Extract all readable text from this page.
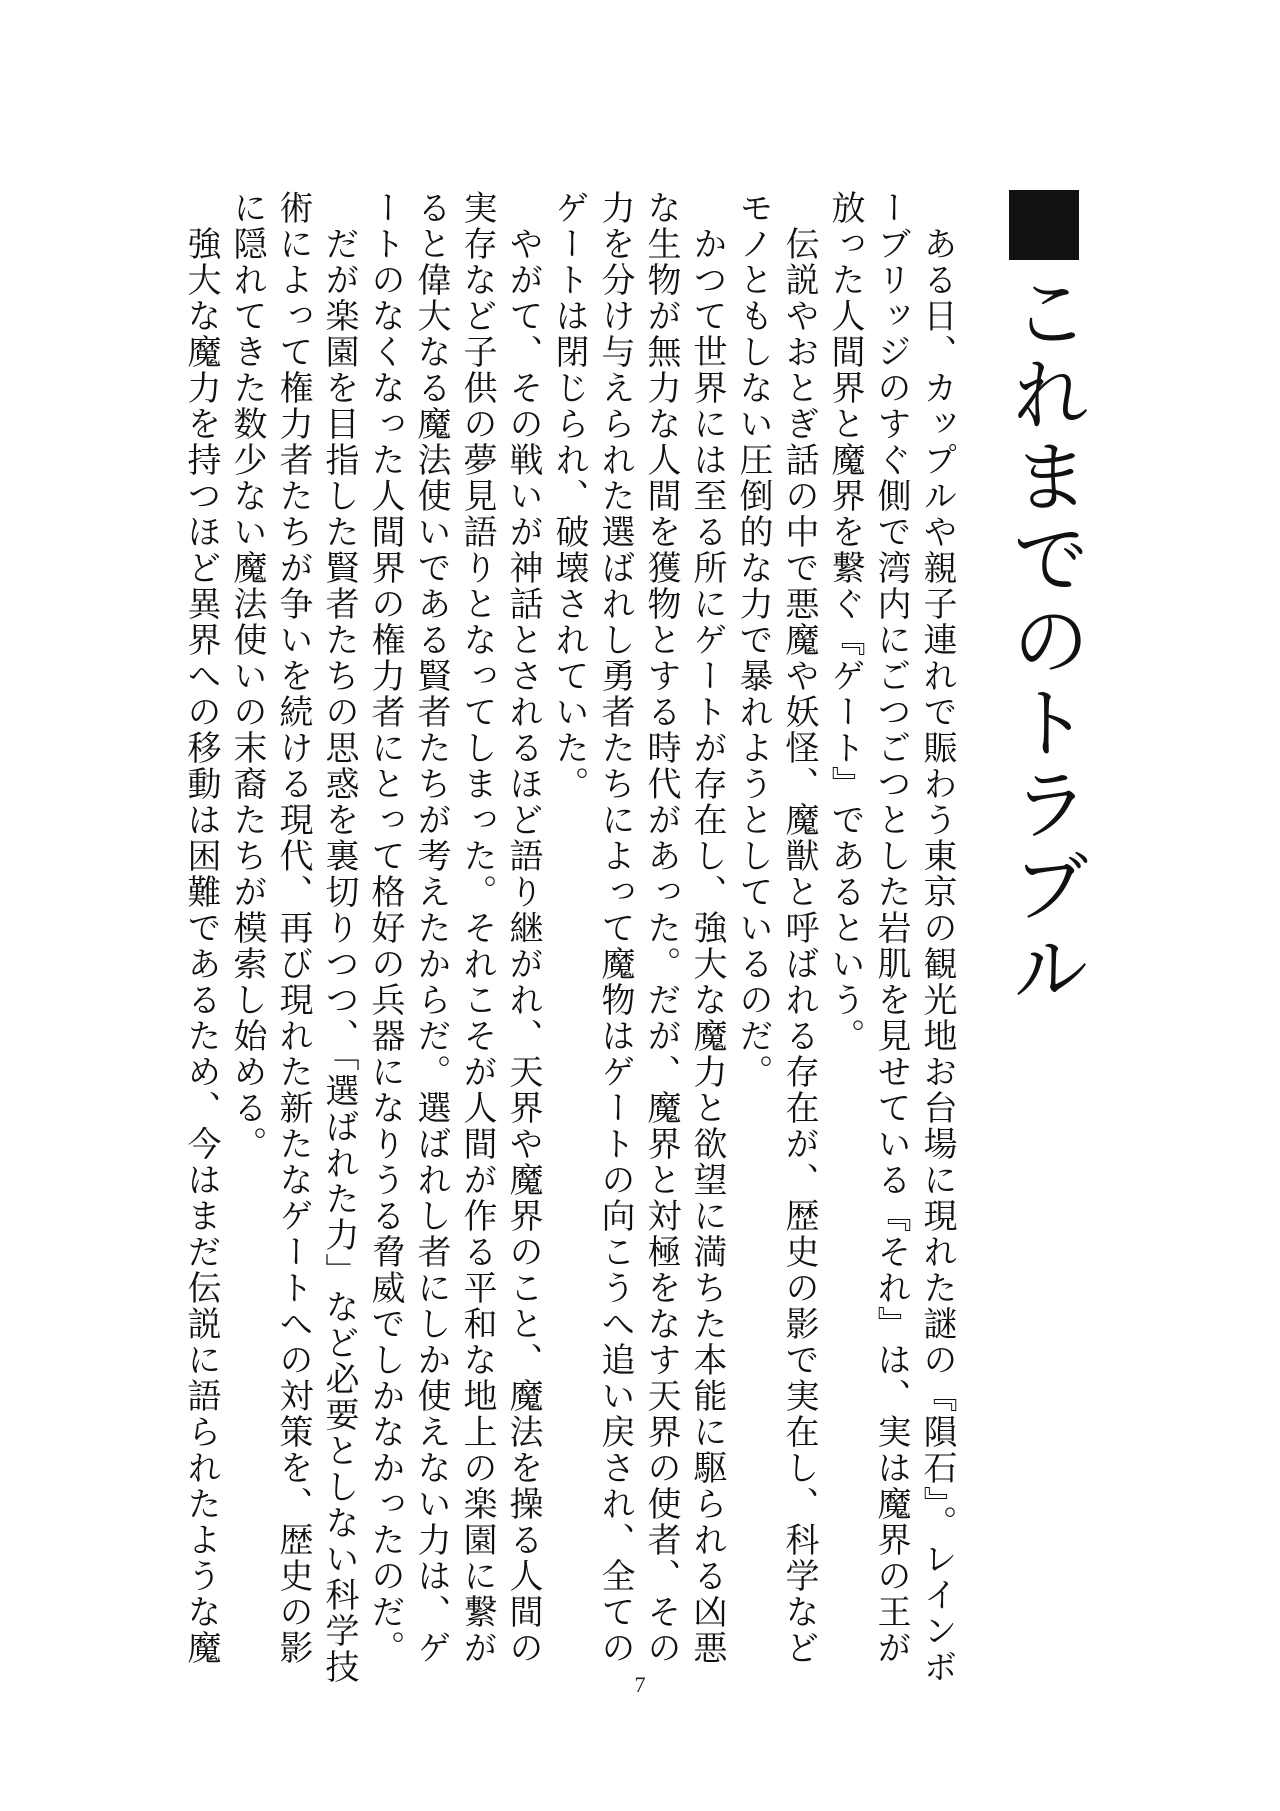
これまでのトラブル

　ある日、カップルや親子連れで賑わう東京の観光地お台場に現れた謎の『隕石』。レインボ

ーブリッジのすぐ側で湾内にごつごつとした岩肌を見せている『それ』は、実は魔界の王が

放った人間界と魔界を繋ぐ『ゲート』であるという。

　伝説やおとぎ話の中で悪魔や妖怪、魔獣と呼ばれる存在が、歴史の影で実在し、科学など

モノともしない圧倒的な力で暴れようとしているのだ。

　かつて世界には至る所にゲートが存在し、強大な魔力と欲望に満ちた本能に駆られる凶悪

な生物が無力な人間を獲物とする時代があった。だが、魔界と対極をなす天界の使者、その

力を分け与えられた選ばれし勇者たちによって魔物はゲートの向こうへ追い戻され、全ての

ゲートは閉じられ、破壊されていた。

　やがて、その戦いが神話とされるほど語り継がれ、天界や魔界のこと、魔法を操る人間の

実存など子供の夢見語りとなってしまった。それこそが人間が作る平和な地上の楽園に繋が

ると偉大なる魔法使いである賢者たちが考えたからだ。選ばれし者にしか使えない力は、ゲ

ートのなくなった人間界の権力者にとって格好の兵器になりうる脅威でしかなかったのだ。

　だが楽園を目指した賢者たちの思惑を裏切りつつ、「選ばれた力」など必要としない科学技

術によって権力者たちが争いを続ける現代、再び現れた新たなゲートへの対策を、歴史の影

に隠れてきた数少ない魔法使いの末裔たちが模索し始める。

　強大な魔力を持つほど異界への移動は困難であるため、今はまだ伝説に語られたような魔

7
